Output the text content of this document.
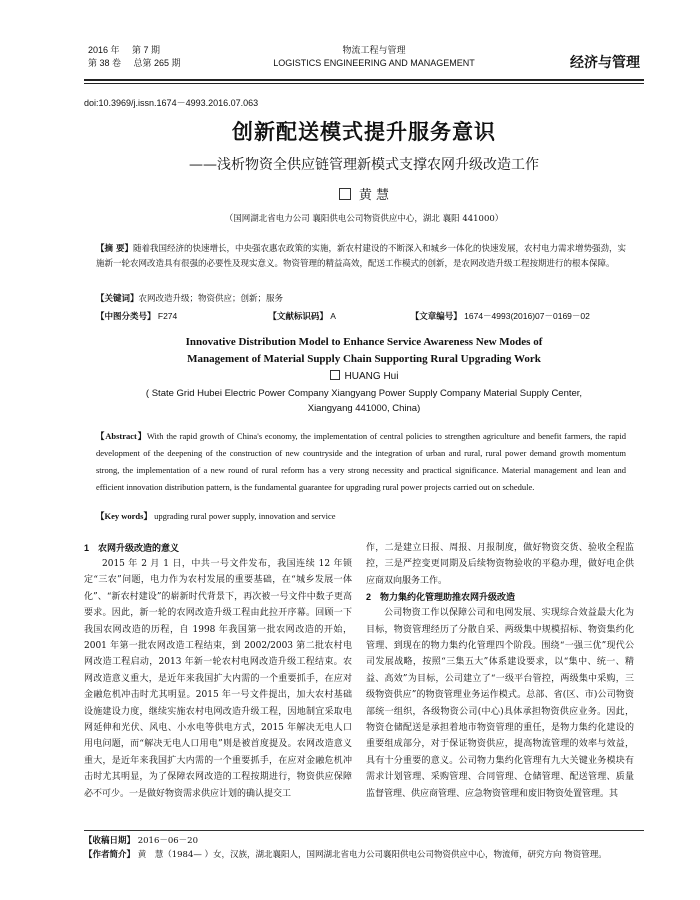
2016 年 第 7 期
第 38 卷 总第 265 期
物流工程与管理
LOGISTICS ENGINEERING AND MANAGEMENT	经济与管理
doi:10.3969/j.issn.1674－4993.2016.07.063
创新配送模式提升服务意识
——浅析物资全供应链管理新模式支撑农网升级改造工作
黄 慧
（国网湖北省电力公司 襄阳供电公司物资供应中心，湖北 襄阳 441000）
【摘 要】随着我国经济的快速增长，中央强农惠农政策的实施，新农村建设的不断深入和城乡一体化的快速发展，农村电力需求增势强劲，实施新一轮农网改造具有很强的必要性及现实意义。物资管理的精益高效，配送工作模式的创新，是农网改造升级工程按期进行的根本保障。
【关键词】农网改造升级；物资供应；创新；服务
【中图分类号】 F274	【文献标识码】 A	【文章编号】 1674－4993(2016)07－0169－02
Innovative Distribution Model to Enhance Service Awareness New Modes of
Management of Material Supply Chain Supporting Rural Upgrading Work
HUANG Hui
( State Grid Hubei Electric Power Company Xiangyang Power Supply Company Material Supply Center,
Xiangyang 441000, China)
【Abstract】With the rapid growth of China's economy, the implementation of central policies to strengthen agriculture and benefit farmers, the rapid development of the deepening of the construction of new countryside and the integration of urban and rural, rural power demand growth momentum strong, the implementation of a new round of rural reform has a very strong necessity and practical significance. Material management and lean and efficient innovation distribution pattern, is the fundamental guarantee for upgrading rural power projects carried out on schedule.
【Key words】 upgrading rural power supply, innovation and service
1　农网升级改造的意义

2015 年 2 月 1 日，中共一号文件发布，我国连续 12 年锁定“三农”问题，电力作为农村发展的重要基础，在“城乡发展一体化”、“新农村建设”的崭新时代背景下，再次被一号文件中数子更高要求。因此，新一轮的农网改造升级工程由此拉开序幕。回顾一下我国农网改造的历程，自 1998 年我国第一批农网改造的开始，2001 年第一批农网改造工程结束，到 2002/2003 第二批农村电网改造工程启动，2013 年新一轮农村电网改造升级工程结束。农网改造意义重大，是近年来我国扩大内需的一个重要抓手，在应对金融危机冲击时尤其明显。2015 年一号文件提出，加大农村基础设施建设力度，继续实施农村电网改造升级工程，因地制宜采取电网延伸和光伏、风电、小水电等供电方式，2015 年解决无电人口用电问题，而“解决无电人口用电”则是被首度提及。农网改造意义重大，是近年来我国扩大内需的一个重要抓手，在应对金融危机冲击时尤其明显，为了保障农网改造的工程按期进行，物资供应保障必不可少。一是做好物资需求供应计划的确认提交工

作，二是建立日报、周报、月报制度，做好物资交货、验收全程监控，三是严控变更同期及后续物资物验收的平稳办理，做好电企供应商双向服务工作。

2　物力集约化管理助推农网升级改造

公司物资工作以保障公司和电网发展、实现综合效益最大化为目标，物资管理经历了分散自采、两级集中规模招标、物资集约化管理、到现在的物力集约化管理四个阶段。围绕“一强三优”现代公司发展战略，按照“三集五大”体系建设要求，以“集中、统一、精益、高效”为目标，公司建立了“一级平台管控，两级集中采购，三级物资供应”的物资管理业务运作模式。总部、省(区、市)公司物资部统一组织，各级物资公司(中心)具体承担物资供应业务。因此，物资仓储配送是承担着地市物资管理的重任，是物力集约化建设的重要组成部分，对于保证物资供应，提高物流管理的效率与效益，具有十分重要的意义。公司物力集约化管理有九大关键业务模块有需求计划管理、采购管理、合同管理、仓储管理、配送管理、质量监督管理、供应商管理、应急物资管理和废旧物资处置管理。其

【收稿日期】 2016－06－20
【作者简介】 黄　慧（1984— ）女，汉族，湖北襄阳人，国网湖北省电力公司襄阳供电公司物资供应中心，物流师，研究方向 物资管理。
